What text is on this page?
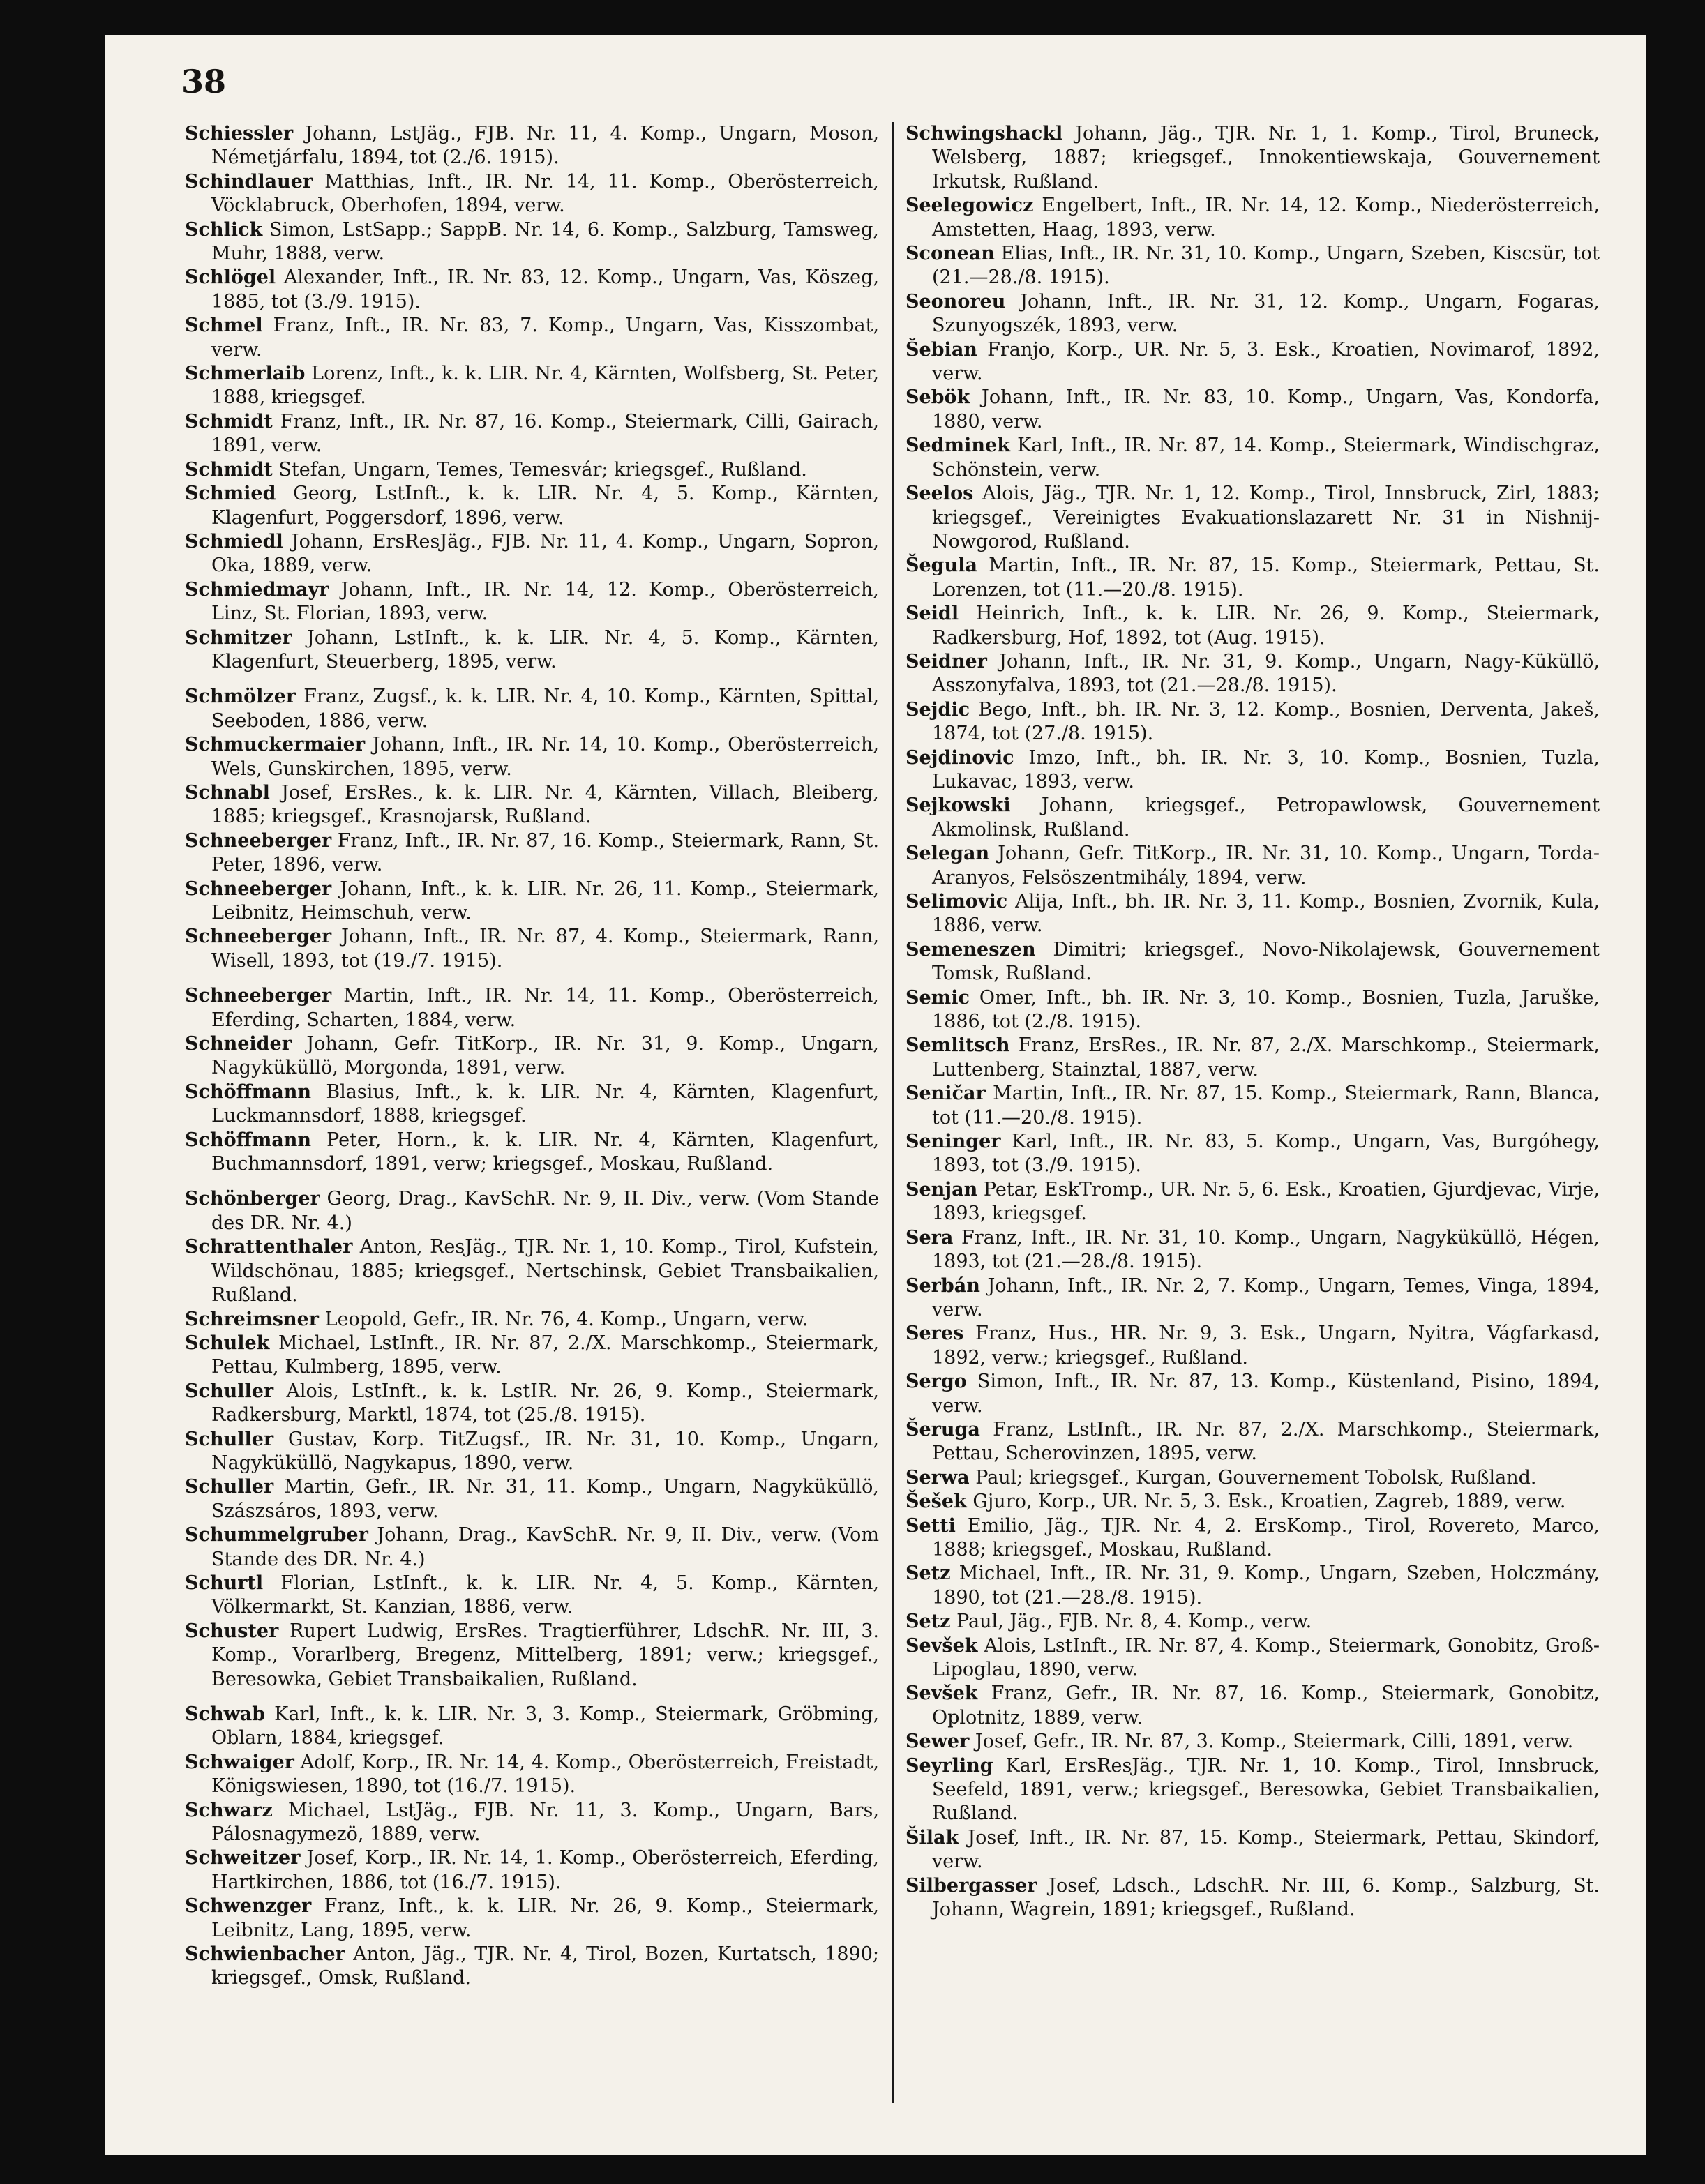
38

Schiessler Johann, LstJäg., FJB. Nr. 11, 4. Komp., Ungarn, Moson, Németjárfalu, 1894, tot (2./6. 1915).
Schindlauer Matthias, Inft., IR. Nr. 14, 11. Komp., Oberösterreich, Vöcklabruck, Oberhofen, 1894, verw.
Schlick Simon, LstSapp.; SappB. Nr. 14, 6. Komp., Salzburg, Tamsweg, Muhr, 1888, verw.
Schlögel Alexander, Inft., IR. Nr. 83, 12. Komp., Ungarn, Vas, Köszeg, 1885, tot (3./9. 1915).
Schmel Franz, Inft., IR. Nr. 83, 7. Komp., Ungarn, Vas, Kisszombat, verw.
Schmerlaib Lorenz, Inft., k. k. LIR. Nr. 4, Kärnten, Wolfsberg, St. Peter, 1888, kriegsgef.
Schmidt Franz, Inft., IR. Nr. 87, 16. Komp., Steiermark, Cilli, Gairach, 1891, verw.
Schmidt Stefan, Ungarn, Temes, Temesvár; kriegsgef., Rußland.
Schmied Georg, LstInft., k. k. LIR. Nr. 4, 5. Komp., Kärnten, Klagenfurt, Poggersdorf, 1896, verw.
Schmiedl Johann, ErsResJäg., FJB. Nr. 11, 4. Komp., Ungarn, Sopron, Oka, 1889, verw.
Schmiedmayr Johann, Inft., IR. Nr. 14, 12. Komp., Oberösterreich, Linz, St. Florian, 1893, verw.
Schmitzer Johann, LstInft., k. k. LIR. Nr. 4, 5. Komp., Kärnten, Klagenfurt, Steuerberg, 1895, verw.
Schmölzer Franz, Zugsf., k. k. LIR. Nr. 4, 10. Komp., Kärnten, Spittal, Seeboden, 1886, verw.
Schmuckermaier Johann, Inft., IR. Nr. 14, 10. Komp., Oberösterreich, Wels, Gunskirchen, 1895, verw.
Schnabl Josef, ErsRes., k. k. LIR. Nr. 4, Kärnten, Villach, Bleiberg, 1885; kriegsgef., Krasnojarsk, Rußland.
Schneeberger Franz, Inft., IR. Nr. 87, 16. Komp., Steiermark, Rann, St. Peter, 1896, verw.
Schneeberger Johann, Inft., k. k. LIR. Nr. 26, 11. Komp., Steiermark, Leibnitz, Heimschuh, verw.
Schneeberger Johann, Inft., IR. Nr. 87, 4. Komp., Steiermark, Rann, Wisell, 1893, tot (19./7. 1915).
Schneeberger Martin, Inft., IR. Nr. 14, 11. Komp., Oberösterreich, Eferding, Scharten, 1884, verw.
Schneider Johann, Gefr. TitKorp., IR. Nr. 31, 9. Komp., Ungarn, Nagyküküllö, Morgonda, 1891, verw.
Schöffmann Blasius, Inft., k. k. LIR. Nr. 4, Kärnten, Klagenfurt, Luckmannsdorf, 1888, kriegsgef.
Schöffmann Peter, Horn., k. k. LIR. Nr. 4, Kärnten, Klagenfurt, Buchmannsdorf, 1891, verw; kriegsgef., Moskau, Rußland.
Schönberger Georg, Drag., KavSchR. Nr. 9, II. Div., verw. (Vom Stande des DR. Nr. 4.)
Schrattenthaler Anton, ResJäg., TJR. Nr. 1, 10. Komp., Tirol, Kufstein, Wildschönau, 1885; kriegsgef., Nertschinsk, Gebiet Transbaikalien, Rußland.
Schreimsner Leopold, Gefr., IR. Nr. 76, 4. Komp., Ungarn, verw.
Schulek Michael, LstInft., IR. Nr. 87, 2./X. Marschkomp., Steiermark, Pettau, Kulmberg, 1895, verw.
Schuller Alois, LstInft., k. k. LstIR. Nr. 26, 9. Komp., Steiermark, Radkersburg, Marktl, 1874, tot (25./8. 1915).
Schuller Gustav, Korp. TitZugsf., IR. Nr. 31, 10. Komp., Ungarn, Nagyküküllö, Nagykapus, 1890, verw.
Schuller Martin, Gefr., IR. Nr. 31, 11. Komp., Ungarn, Nagyküküllö, Szászsáros, 1893, verw.
Schummelgruber Johann, Drag., KavSchR. Nr. 9, II. Div., verw. (Vom Stande des DR. Nr. 4.)
Schurtl Florian, LstInft., k. k. LIR. Nr. 4, 5. Komp., Kärnten, Völkermarkt, St. Kanzian, 1886, verw.
Schuster Rupert Ludwig, ErsRes. Tragtierführer, LdschR. Nr. III, 3. Komp., Vorarlberg, Bregenz, Mittelberg, 1891; verw.; kriegsgef., Beresowka, Gebiet Transbaikalien, Rußland.
Schwab Karl, Inft., k. k. LIR. Nr. 3, 3. Komp., Steiermark, Gröbming, Oblarn, 1884, kriegsgef.
Schwaiger Adolf, Korp., IR. Nr. 14, 4. Komp., Oberösterreich, Freistadt, Königswiesen, 1890, tot (16./7. 1915).
Schwarz Michael, LstJäg., FJB. Nr. 11, 3. Komp., Ungarn, Bars, Pálosnagymezö, 1889, verw.
Schweitzer Josef, Korp., IR. Nr. 14, 1. Komp., Oberösterreich, Eferding, Hartkirchen, 1886, tot (16./7. 1915).
Schwenzger Franz, Inft., k. k. LIR. Nr. 26, 9. Komp., Steiermark, Leibnitz, Lang, 1895, verw.
Schwienbacher Anton, Jäg., TJR. Nr. 4, Tirol, Bozen, Kurtatsch, 1890; kriegsgef., Omsk, Rußland.
Schwingshackl Johann, Jäg., TJR. Nr. 1, 1. Komp., Tirol, Bruneck, Welsberg, 1887; kriegsgef., Innokentiewskaja, Gouvernement Irkutsk, Rußland.
Seelegowicz Engelbert, Inft., IR. Nr. 14, 12. Komp., Niederösterreich, Amstetten, Haag, 1893, verw.
Sconean Elias, Inft., IR. Nr. 31, 10. Komp., Ungarn, Szeben, Kiscsür, tot (21.—28./8. 1915).
Seonoreu Johann, Inft., IR. Nr. 31, 12. Komp., Ungarn, Fogaras, Szunyogszék, 1893, verw.
Šebian Franjo, Korp., UR. Nr. 5, 3. Esk., Kroatien, Novimarof, 1892, verw.
Sebök Johann, Inft., IR. Nr. 83, 10. Komp., Ungarn, Vas, Kondorfa, 1880, verw.
Sedminek Karl, Inft., IR. Nr. 87, 14. Komp., Steiermark, Windischgraz, Schönstein, verw.
Seelos Alois, Jäg., TJR. Nr. 1, 12. Komp., Tirol, Innsbruck, Zirl, 1883; kriegsgef., Vereinigtes Evakuationslazarett Nr. 31 in Nishnij-Nowgorod, Rußland.
Šegula Martin, Inft., IR. Nr. 87, 15. Komp., Steiermark, Pettau, St. Lorenzen, tot (11.—20./8. 1915).
Seidl Heinrich, Inft., k. k. LIR. Nr. 26, 9. Komp., Steiermark, Radkersburg, Hof, 1892, tot (Aug. 1915).
Seidner Johann, Inft., IR. Nr. 31, 9. Komp., Ungarn, Nagy-Küküllö, Asszonyfalva, 1893, tot (21.—28./8. 1915).
Sejdic Bego, Inft., bh. IR. Nr. 3, 12. Komp., Bosnien, Derventa, Jakeš, 1874, tot (27./8. 1915).
Sejdinovic Imzo, Inft., bh. IR. Nr. 3, 10. Komp., Bosnien, Tuzla, Lukavac, 1893, verw.
Sejkowski Johann, kriegsgef., Petropawlowsk, Gouvernement Akmolinsk, Rußland.
Selegan Johann, Gefr. TitKorp., IR. Nr. 31, 10. Komp., Ungarn, Torda-Aranyos, Felsöszentmihály, 1894, verw.
Selimovic Alija, Inft., bh. IR. Nr. 3, 11. Komp., Bosnien, Zvornik, Kula, 1886, verw.
Semeneszen Dimitri; kriegsgef., Novo-Nikolajewsk, Gouvernement Tomsk, Rußland.
Semic Omer, Inft., bh. IR. Nr. 3, 10. Komp., Bosnien, Tuzla, Jaruške, 1886, tot (2./8. 1915).
Semlitsch Franz, ErsRes., IR. Nr. 87, 2./X. Marschkomp., Steiermark, Luttenberg, Stainztal, 1887, verw.
Seničar Martin, Inft., IR. Nr. 87, 15. Komp., Steiermark, Rann, Blanca, tot (11.—20./8. 1915).
Seninger Karl, Inft., IR. Nr. 83, 5. Komp., Ungarn, Vas, Burgóhegy, 1893, tot (3./9. 1915).
Senjan Petar, EskTromp., UR. Nr. 5, 6. Esk., Kroatien, Gjurdjevac, Virje, 1893, kriegsgef.
Sera Franz, Inft., IR. Nr. 31, 10. Komp., Ungarn, Nagyküküllö, Hégen, 1893, tot (21.—28./8. 1915).
Serbán Johann, Inft., IR. Nr. 2, 7. Komp., Ungarn, Temes, Vinga, 1894, verw.
Seres Franz, Hus., HR. Nr. 9, 3. Esk., Ungarn, Nyitra, Vágfarkasd, 1892, verw.; kriegsgef., Rußland.
Sergo Simon, Inft., IR. Nr. 87, 13. Komp., Küstenland, Pisino, 1894, verw.
Šeruga Franz, LstInft., IR. Nr. 87, 2./X. Marschkomp., Steiermark, Pettau, Scherovinzen, 1895, verw.
Serwa Paul; kriegsgef., Kurgan, Gouvernement Tobolsk, Rußland.
Šešek Gjuro, Korp., UR. Nr. 5, 3. Esk., Kroatien, Zagreb, 1889, verw.
Setti Emilio, Jäg., TJR. Nr. 4, 2. ErsKomp., Tirol, Rovereto, Marco, 1888; kriegsgef., Moskau, Rußland.
Setz Michael, Inft., IR. Nr. 31, 9. Komp., Ungarn, Szeben, Holczmány, 1890, tot (21.—28./8. 1915).
Setz Paul, Jäg., FJB. Nr. 8, 4. Komp., verw.
Sevšek Alois, LstInft., IR. Nr. 87, 4. Komp., Steiermark, Gonobitz, Groß-Lipoglau, 1890, verw.
Sevšek Franz, Gefr., IR. Nr. 87, 16. Komp., Steiermark, Gonobitz, Oplotnitz, 1889, verw.
Sewer Josef, Gefr., IR. Nr. 87, 3. Komp., Steiermark, Cilli, 1891, verw.
Seyrling Karl, ErsResJäg., TJR. Nr. 1, 10. Komp., Tirol, Innsbruck, Seefeld, 1891, verw.; kriegsgef., Beresowka, Gebiet Transbaikalien, Rußland.
Šilak Josef, Inft., IR. Nr. 87, 15. Komp., Steiermark, Pettau, Skindorf, verw.
Silbergasser Josef, Ldsch., LdschR. Nr. III, 6. Komp., Salzburg, St. Johann, Wagrein, 1891; kriegsgef., Rußland.
